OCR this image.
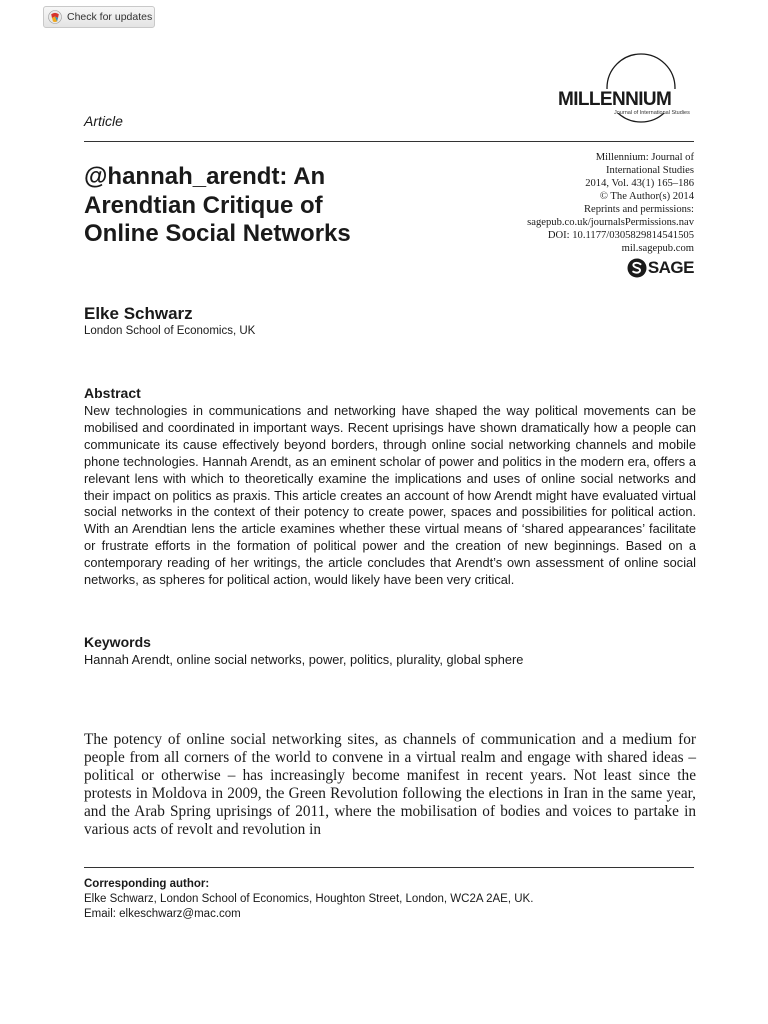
Check for updates
MILLENNIUM
Journal of International Studies
Article
@hannah_arendt: An
Arendtian Critique of
Online Social Networks
Millennium: Journal of
International Studies
2014, Vol. 43(1) 165–186
© The Author(s) 2014
Reprints and permissions:
sagepub.co.uk/journalsPermissions.nav
DOI: 10.1177/0305829814541505
mil.sagepub.com
SAGE
Elke Schwarz
London School of Economics, UK
Abstract
New technologies in communications and networking have shaped the way political movements can be mobilised and coordinated in important ways. Recent uprisings have shown dramatically how a people can communicate its cause effectively beyond borders, through online social networking channels and mobile phone technologies. Hannah Arendt, as an eminent scholar of power and politics in the modern era, offers a relevant lens with which to theoretically examine the implications and uses of online social networks and their impact on politics as praxis. This article creates an account of how Arendt might have evaluated virtual social networks in the context of their potency to create power, spaces and possibilities for political action. With an Arendtian lens the article examines whether these virtual means of ‘shared appearances’ facilitate or frustrate efforts in the formation of political power and the creation of new beginnings. Based on a contemporary reading of her writings, the article concludes that Arendt’s own assessment of online social networks, as spheres for political action, would likely have been very critical.
Keywords
Hannah Arendt, online social networks, power, politics, plurality, global sphere
The potency of online social networking sites, as channels of communication and a medium for people from all corners of the world to convene in a virtual realm and engage with shared ideas – political or otherwise – has increasingly become manifest in recent years. Not least since the protests in Moldova in 2009, the Green Revolution following the elections in Iran in the same year, and the Arab Spring uprisings of 2011, where the mobilisation of bodies and voices to partake in various acts of revolt and revolution in
Corresponding author:
Elke Schwarz, London School of Economics, Houghton Street, London, WC2A 2AE, UK.
Email: elkeschwarz@mac.com
